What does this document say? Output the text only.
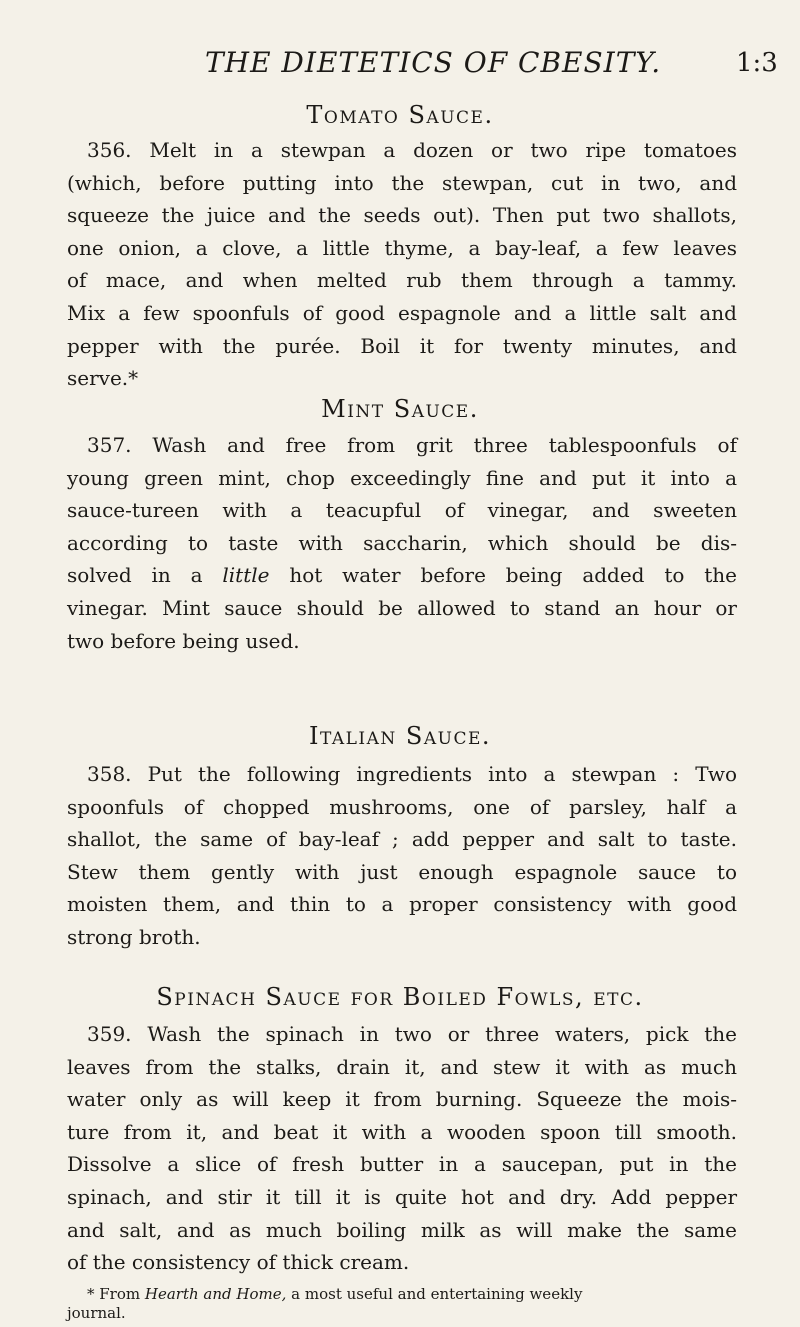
THE DIETETICS OF CBESITY.	1:3
Tomato Sauce.
356. Melt in a stewpan a dozen or two ripe tomatoes
(which, before putting into the stewpan, cut in two, and
squeeze the juice and the seeds out). Then put two shallots,
one onion, a clove, a little thyme, a bay-leaf, a few leaves
of mace, and when melted rub them through a tammy.
Mix a few spoonfuls of good espagnole and a little salt and
pepper with the purée. Boil it for twenty minutes, and
serve.*
Mint Sauce.
357. Wash and free from grit three tablespoonfuls of
young green mint, chop exceedingly fine and put it into a
sauce-tureen with a teacupful of vinegar, and sweeten
according to taste with saccharin, which should be dis-
solved in a little hot water before being added to the
vinegar. Mint sauce should be allowed to stand an hour or
two before being used.
Italian Sauce.
358. Put the following ingredients into a stewpan : Two
spoonfuls of chopped mushrooms, one of parsley, half a
shallot, the same of bay-leaf ; add pepper and salt to taste.
Stew them gently with just enough espagnole sauce to
moisten them, and thin to a proper consistency with good
strong broth.
Spinach Sauce for Boiled Fowls, etc.
359. Wash the spinach in two or three waters, pick the
leaves from the stalks, drain it, and stew it with as much
water only as will keep it from burning. Squeeze the mois-
ture from it, and beat it with a wooden spoon till smooth.
Dissolve a slice of fresh butter in a saucepan, put in the
spinach, and stir it till it is quite hot and dry. Add pepper
and salt, and as much boiling milk as will make the same
of the consistency of thick cream.
* From Hearth and Home, a most useful and entertaining weekly
journal.
